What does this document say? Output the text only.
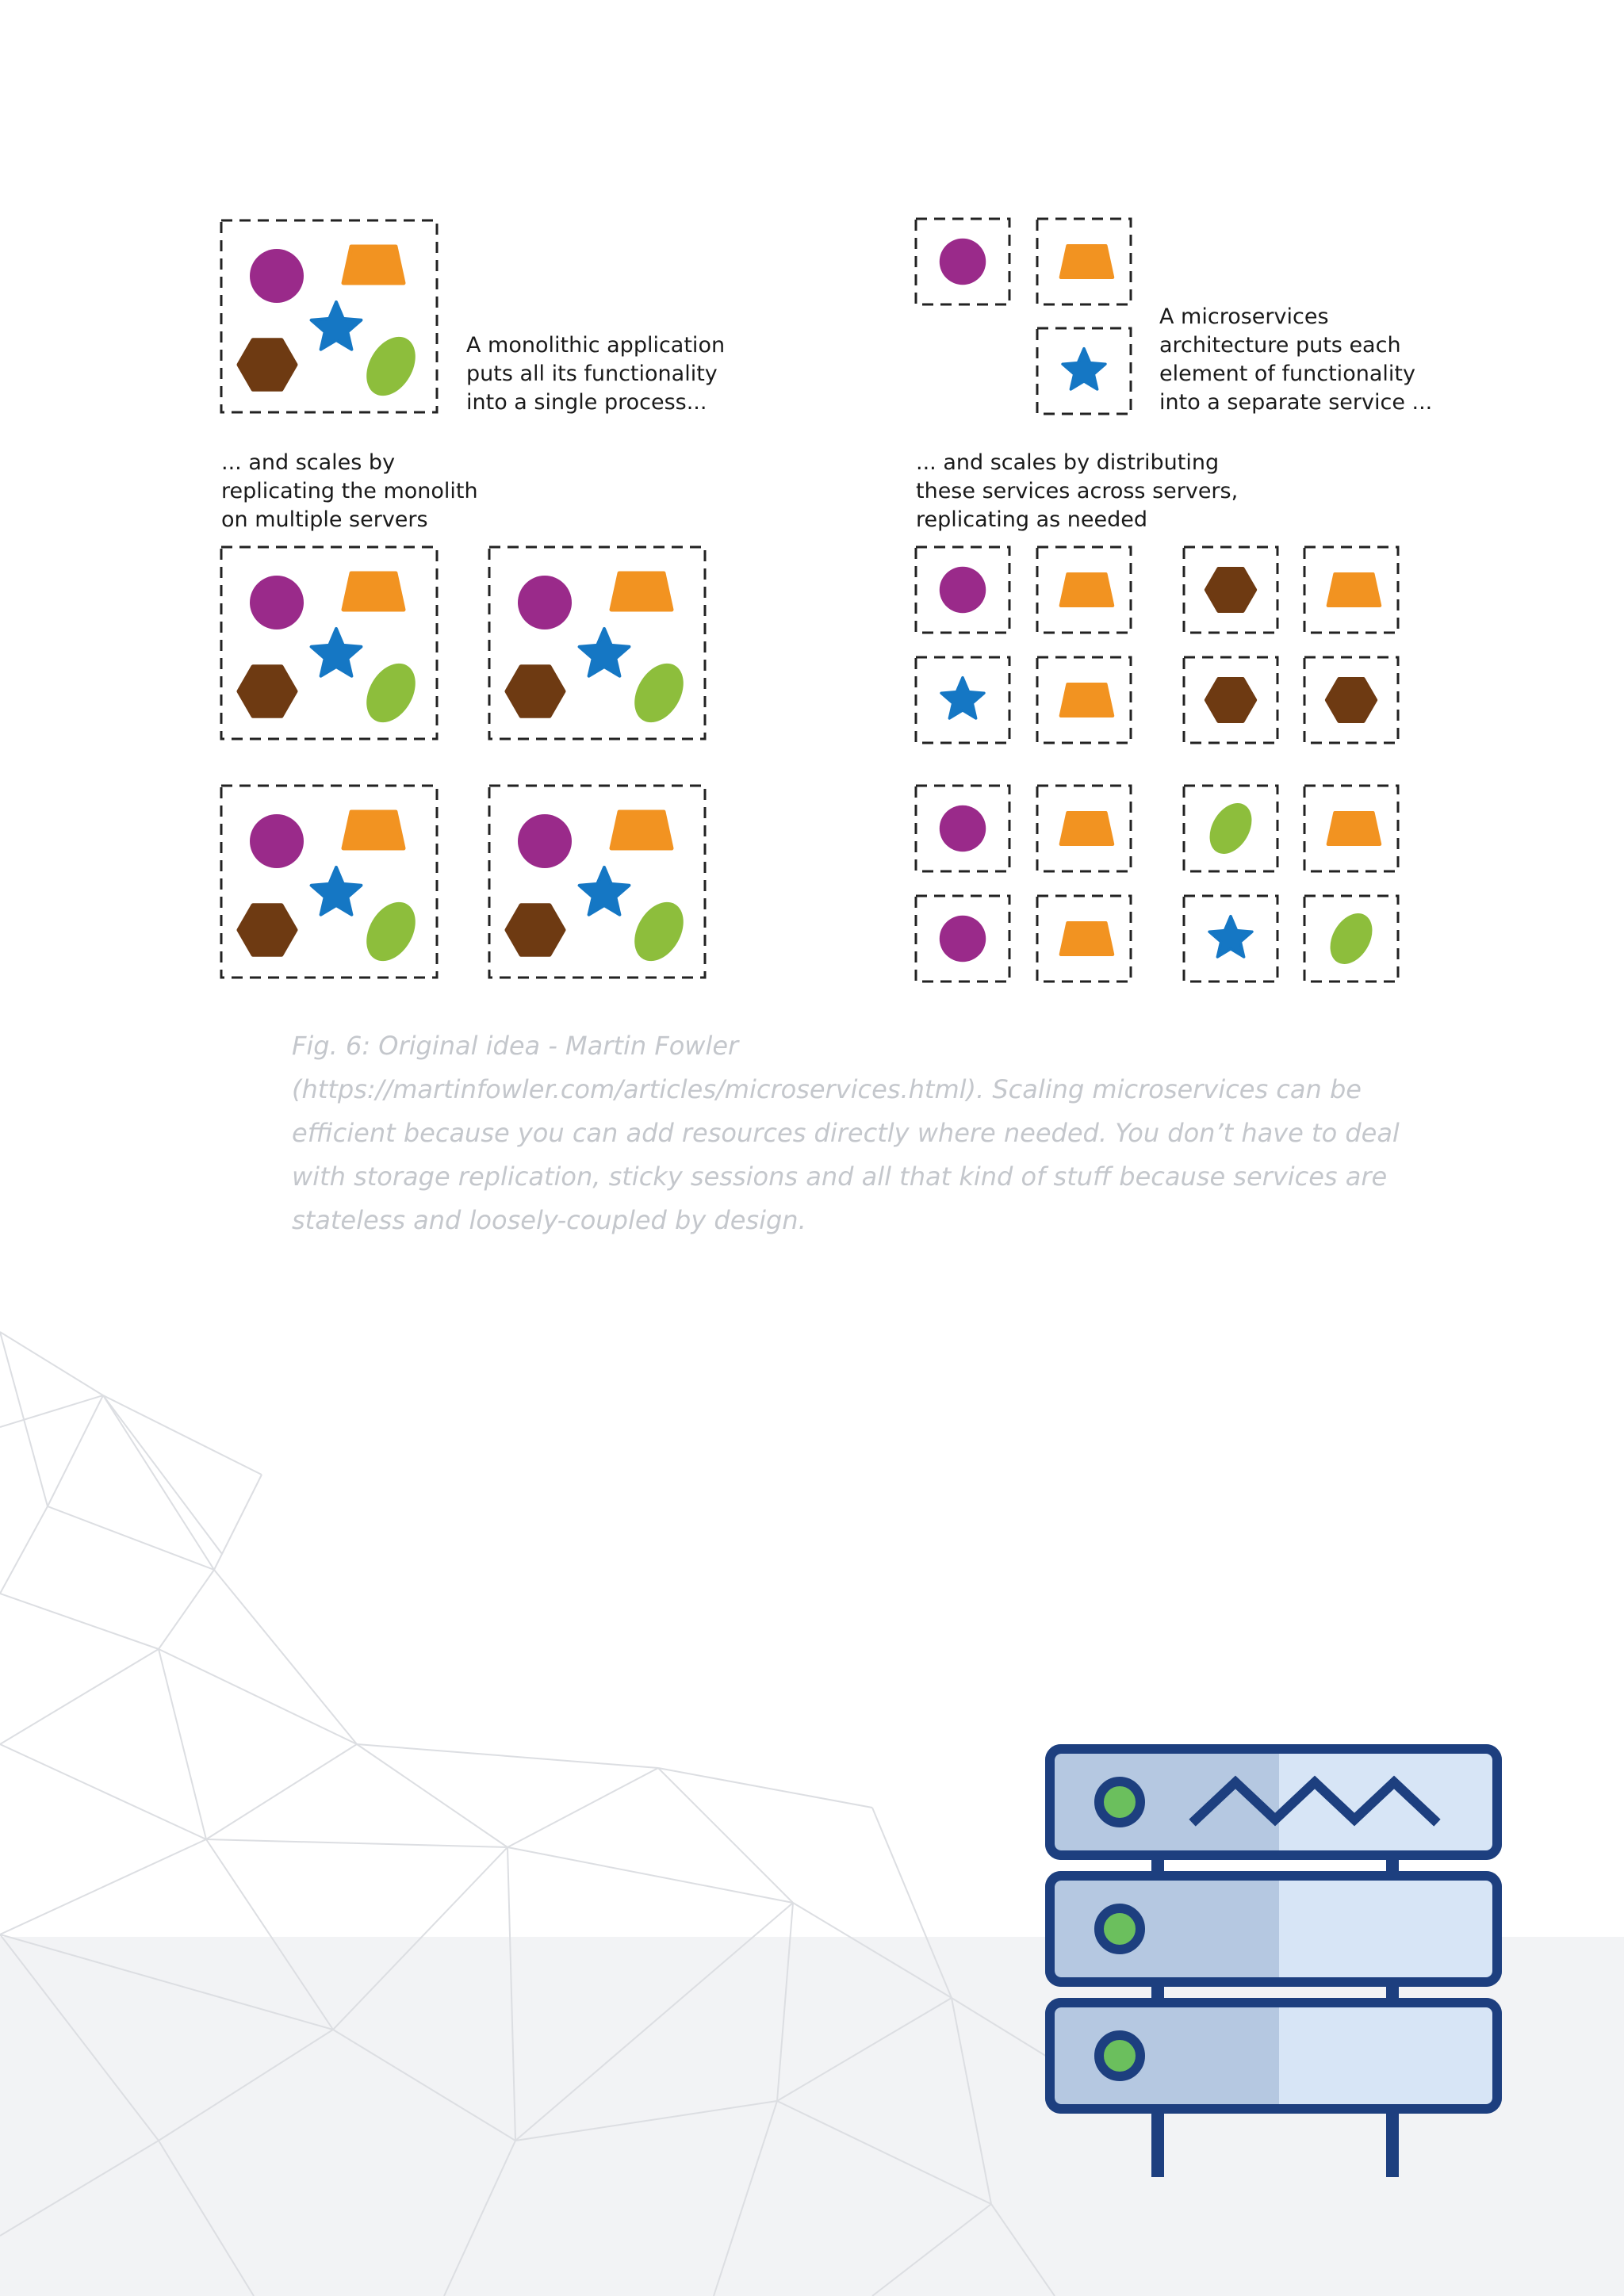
A monolithic application
puts all its functionality
into a single process...

... and scales by
replicating the monolith
on multiple servers

A microservices
architecture puts each
element of functionality
into a separate service ...

... and scales by distributing
these services across servers,
replicating as needed

Fig. 6: Original idea - Martin Fowler
(https://martinfowler.com/articles/microservices.html). Scaling microservices can be
efficient because you can add resources directly where needed. You don’t have to deal
with storage replication, sticky sessions and all that kind of stuff because services are
stateless and loosely-coupled by design.
